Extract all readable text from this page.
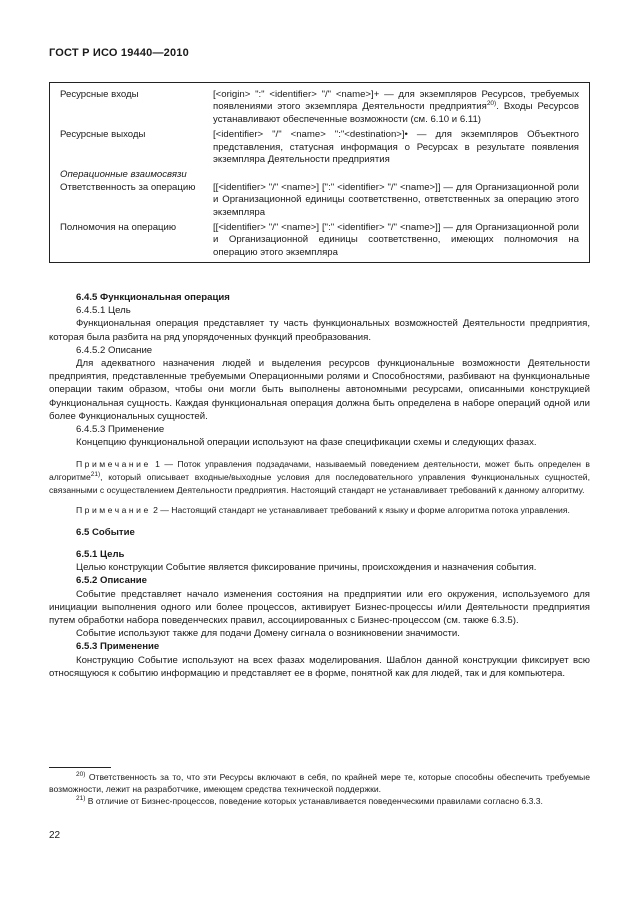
ГОСТ Р ИСО 19440—2010
Ресурсные входы	[<origin> ":" <identifier> "/" <name>]+ — для экземпляров Ресурсов, требуемых появлениями этого экземпляра Деятельности предприятия$^{20)}$. Входы Ресурсов устанавливают обеспеченные возможности (см. 6.10 и 6.11)
Ресурсные выходы	[<identifier> "/" <name> ":"<destination>]• — для экземпляров Объектного представления, статусная информация о Ресурсах в результате появления экземпляра Деятельности предприятия
Операционные взаимосвязи	
Ответственность за операцию	[[<identifier> "/" <name>] [":" <identifier> "/" <name>]] — для Организационной роли и Организационной единицы соответственно, ответственных за операцию этого экземпляра
Полномочия на операцию	[[<identifier> "/" <name>] [":" <identifier> "/" <name>]] — для Организационной роли и Организационной единицы соответственно, имеющих полномочия на операцию этого экземпляра

6.4.5 Функциональная операция

6.4.5.1 Цель

Функциональная операция представляет ту часть функциональных возможностей Деятельности предприятия, которая была разбита на ряд упорядоченных функций преобразования.

6.4.5.2 Описание

Для адекватного назначения людей и выделения ресурсов функциональные возможности Деятельности предприятия, представленные требуемыми Операционными ролями и Способностями, разбивают на функциональные операции таким образом, чтобы они могли быть выполнены автономными ресурсами, описанными конструкцией Функциональная сущность. Каждая функциональная операция должна быть определена в наборе операций одной или более Функциональных сущностей.

6.4.5.3 Применение

Концепцию функциональной операции используют на фазе спецификации схемы и следующих фазах.

Примечание 1 — Поток управления подзадачами, называемый поведением деятельности, может быть определен в алгоритме$^{21)}$, который описывает входные/выходные условия для последовательного управления Функциональных сущностей, связанными с осуществлением Деятельности предприятия. Настоящий стандарт не устанавливает требований к данному алгоритму.

Примечание 2 — Настоящий стандарт не устанавливает требований к языку и форме алгоритма потока управления.

6.5 Событие

6.5.1 Цель

Целью конструкции Событие является фиксирование причины, происхождения и назначения события.

6.5.2 Описание

Событие представляет начало изменения состояния на предприятии или его окружения, используемого для инициации выполнения одного или более процессов, активирует Бизнес-процессы и/или Деятельности предприятия путем обработки набора поведенческих правил, ассоциированных с Бизнес-процессом (см. также 6.3.5).

Событие используют также для подачи Домену сигнала о возникновении значимости.

6.5.3 Применение

Конструкцию Событие используют на всех фазах моделирования. Шаблон данной конструкции фиксирует всю относящуюся к событию информацию и представляет ее в форме, понятной как для людей, так и для компьютера.

$^{20)}$ Ответственность за то, что эти Ресурсы включают в себя, по крайней мере те, которые способны обеспечить требуемые возможности, лежит на разработчике, имеющем средства технической поддержки.

$^{21)}$ В отличие от Бизнес-процессов, поведение которых устанавливается поведенческими правилами согласно 6.3.3.

22
